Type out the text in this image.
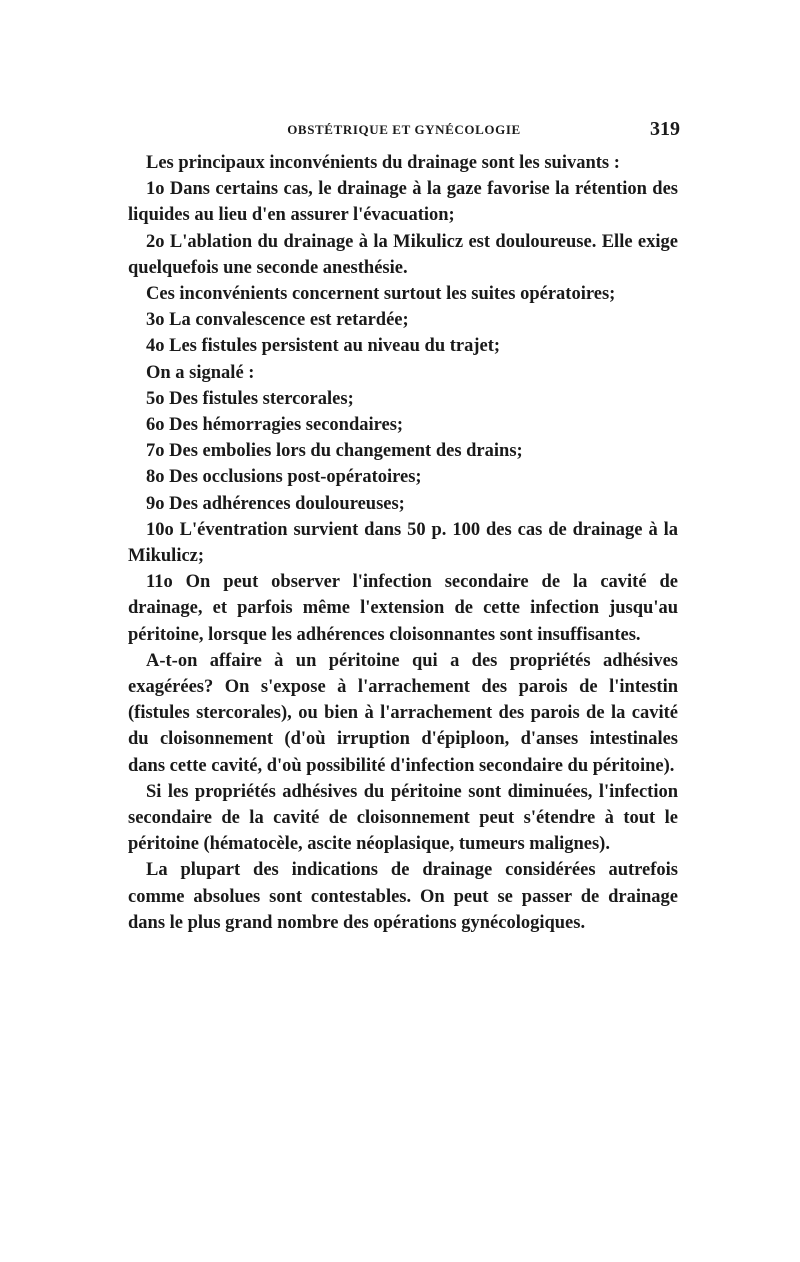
OBSTÉTRIQUE ET GYNÉCOLOGIE	319

Les principaux inconvénients du drainage sont les suivants :

1o Dans certains cas, le drainage à la gaze favorise la rétention des liquides au lieu d'en assurer l'évacuation;

2o L'ablation du drainage à la Mikulicz est douloureuse. Elle exige quelquefois une seconde anesthésie.

Ces inconvénients concernent surtout les suites opératoires;

3o La convalescence est retardée;

4o Les fistules persistent au niveau du trajet;

On a signalé :

5o Des fistules stercorales;

6o Des hémorragies secondaires;

7o Des embolies lors du changement des drains;

8o Des occlusions post-opératoires;

9o Des adhérences douloureuses;

10o L'éventration survient dans 50 p. 100 des cas de drainage à la Mikulicz;

11o On peut observer l'infection secondaire de la cavité de drainage, et parfois même l'extension de cette infection jusqu'au péritoine, lorsque les adhérences cloisonnantes sont insuffisantes.

A-t-on affaire à un péritoine qui a des propriétés adhésives exagérées? On s'expose à l'arrachement des parois de l'intestin (fistules stercorales), ou bien à l'arrachement des parois de la cavité du cloisonnement (d'où irruption d'épiploon, d'anses intestinales dans cette cavité, d'où possibilité d'infection secondaire du péritoine).

Si les propriétés adhésives du péritoine sont diminuées, l'infection secondaire de la cavité de cloisonnement peut s'étendre à tout le péritoine (hématocèle, ascite néoplasique, tumeurs malignes).

La plupart des indications de drainage considérées autrefois comme absolues sont contestables. On peut se passer de drainage dans le plus grand nombre des opérations gynécologiques.
